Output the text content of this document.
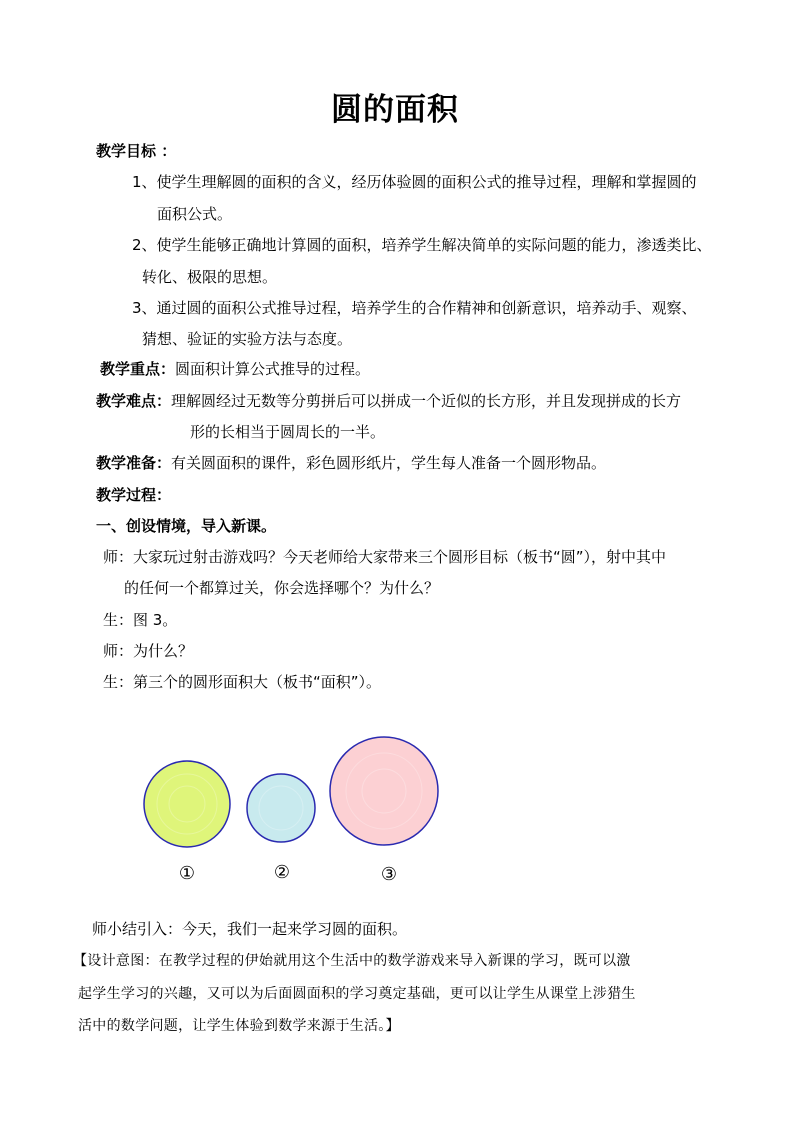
圆的面积
教学目标 ：
1、使学生理解圆的面积的含义，经历体验圆的面积公式的推导过程，理解和掌握圆的
面积公式。
2、使学生能够正确地计算圆的面积，培养学生解决简单的实际问题的能力，渗透类比、
转化、极限的思想。
3、通过圆的面积公式推导过程，培养学生的合作精神和创新意识，培养动手、观察、
猜想、验证的实验方法与态度。
教学重点：圆面积计算公式推导的过程。
教学难点：理解圆经过无数等分剪拼后可以拼成一个近似的长方形，并且发现拼成的长方
形的长相当于圆周长的一半。
教学准备：有关圆面积的课件，彩色圆形纸片，学生每人准备一个圆形物品。
教学过程：
一、创设情境，导入新课。
师：大家玩过射击游戏吗？今天老师给大家带来三个圆形目标（板书“圆”），射中其中
的任何一个都算过关，你会选择哪个？为什么？
生：图 3。
师：为什么？
生：第三个的圆形面积大（板书“面积”）。
①	②	③
师小结引入：今天，我们一起来学习圆的面积。
【设计意图：在教学过程的伊始就用这个生活中的数学游戏来导入新课的学习，既可以激
起学生学习的兴趣，又可以为后面圆面积的学习奠定基础，更可以让学生从课堂上涉猎生
活中的数学问题，让学生体验到数学来源于生活。】
